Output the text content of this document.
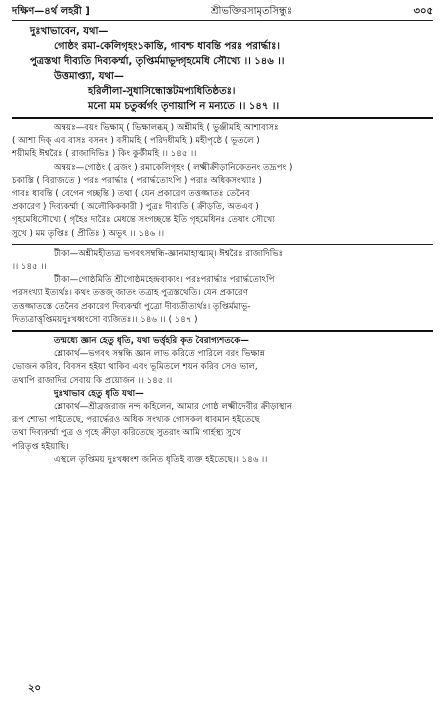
দক্ষিণ—৪র্থ লহরী ]	শ্রীভক্তিরসামৃতসিন্ধুঃ	৩০৫
দুঃখাভাবেন, যথা—
গোষ্ঠং রমা-কেলিগৃহং১কান্তি, গাবশ্চ ধাবন্তি পরঃ পরার্দ্ধাঃ।
পুত্রস্তথা দীব্যতি দিব্যকর্ম্মা, তৃপ্তির্মমাভূদ্গৃহমেধি সৌখ্যে ।। ১৪৬ ।।
উত্তমাপ্ত্যা, যথা—
হরিলীলা-সুধাসিন্ধোস্তটমপ্যধিতিষ্ঠতঃ।
মনো মম চতুর্ব্বর্গং তৃণায়াপি ন মন্যতে ।। ১৪৭ ।।
অন্বয়ঃ—বয়ং ভিক্ষাম্ ( ভিক্ষালব্ধম্ ) অশ্নীমহি ( ভুঞ্জীমহি আশাবাসঃ
( আশা দিক্ এব বাসঃ বসনং ) বসীমহি ( পরিদধীমহি ) মহীপৃষ্ঠে ( ভূতলে )
শয়ীমহি ঈশ্বরৈঃ ( রাজাদিভিঃ ) কিং কুর্কীমহি ।। ১৪৫ ।।
অন্বয়ঃ—গোষ্ঠং ( ব্রজং ) রমাকেলিগৃহং ( লক্ষ্মীক্রীড়ানিকেতনং তদ্রূপং )
চকাস্তি ( বিরাজতে ) পরঃ পরার্দ্ধাঃ ( পরার্দ্ধতোঽপি ) পরাঃ অধিকসংখ্যাঃ )
গাবঃ ধাবন্তি ( বেগেন গচ্ছন্তি ) তথা ( যেন প্রকারেণ তত্তজ্জাতঃ তেনৈব
প্রকারেণ ) দিব্যকর্ম্মা ( অলৌকিককারী ) পুত্রঃ দীব্যতি ( ক্রীড়তি, অতএব )
গৃহমেধিসৌখ্যে ( গৃহৈঃ দারৈঃ মেধন্তে সংগচ্ছন্তে ইতি গৃহমেধিনঃ তেষাং সৌখ্যে
সুখে ) মম তৃপ্তিঃ ( প্রীতিঃ ) অভূৎ ।। ১৪৬ ।।
টীকা—অশ্নীমহীত্যত্র ভগবৎসম্বন্ধি-জ্ঞানমাহাত্ম্যম্। ঈশ্বরৈঃ রাজাদিভিঃ
।। ১৪৫ ।।
টীকা—গোষ্ঠমিতি শ্রীগোষ্ঠমহেন্দ্রবাক্যং। পরঃপরার্দ্ধাঃ পরার্দ্ধতোঽপি
পরসংখ্যা ইত্যর্থঃ। কথং তত্তজ্ জাতং তত্রাহ পুত্রস্তথেতি। যেন প্রকারেণ
তত্তজ্জাতস্তে তেনৈব প্রকারেণ দিব্যকর্ম্মা পুত্রো দীব্যতীত্যর্থঃ। তৃপ্তির্মমাভূ-
দিত্যত্রাত্তৃপ্তিময়দুঃখধ্বংসো ব্যজিতঃ।। ১৪৬ ।। ( ১৪৭ )
তন্মধ্যে জ্ঞান হেতু ধৃতি, যথা ভর্ত্তৃহরি কৃত বৈরাগ্যশতকে—
শ্লোকার্থ—ভগবৎ সম্বন্ধি জ্ঞান লাভ করিতে পারিলে বরং ভিক্ষান্ন
ভোজন করিব, বিবসন হইয়া থাকিব এবং ভূমিতলে শয়ন করিব সেও ভাল,
তথাপি রাজাদির সেবায় কি প্রয়োজন ।। ১৪৫ ।।
দুঃখাভাব হেতু ধৃতি যথা—
শ্লোকার্থ—শ্রীব্রজরাজ নন্দ কহিলেন, আমার গোষ্ঠ লক্ষ্মীদেবীর ক্রীড়াস্থান
রূপ শোভা পাইতেছে, পরার্দ্ধেরও অধিক সংখ্যক গোসকল ধাবমান হইতেছে
তথা দিব্যকর্ম্মা পুত্র ও গৃহে ক্রীড়া করিতেছে সুতরাং আমি গার্হস্থ্য সুখে
পরিতৃপ্ত হইয়াছি।
এস্থলে তৃপ্তিময় দুঃখধ্বংশ জনিত ধৃতিই ব্যক্ত হইতেছে।। ১৪৬ ।।
২০
